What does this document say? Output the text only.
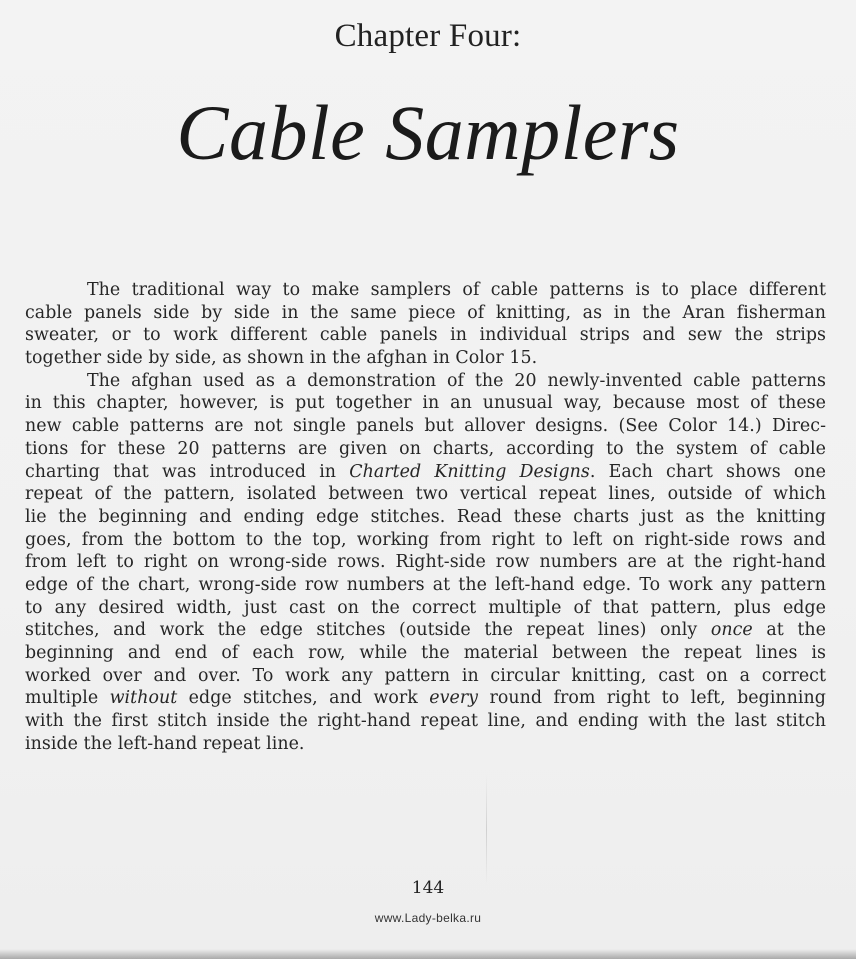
Chapter Four:
Cable Samplers
The traditional way to make samplers of cable patterns is to place different
cable panels side by side in the same piece of knitting, as in the Aran fisherman
sweater, or to work different cable panels in individual strips and sew the strips
together side by side, as shown in the afghan in Color 15.
The afghan used as a demonstration of the 20 newly-invented cable patterns
in this chapter, however, is put together in an unusual way, because most of these
new cable patterns are not single panels but allover designs. (See Color 14.) Direc-
tions for these 20 patterns are given on charts, according to the system of cable
charting that was introduced in Charted Knitting Designs. Each chart shows one
repeat of the pattern, isolated between two vertical repeat lines, outside of which
lie the beginning and ending edge stitches. Read these charts just as the knitting
goes, from the bottom to the top, working from right to left on right-side rows and
from left to right on wrong-side rows. Right-side row numbers are at the right-hand
edge of the chart, wrong-side row numbers at the left-hand edge. To work any pattern
to any desired width, just cast on the correct multiple of that pattern, plus edge
stitches, and work the edge stitches (outside the repeat lines) only once at the
beginning and end of each row, while the material between the repeat lines is
worked over and over. To work any pattern in circular knitting, cast on a correct
multiple without edge stitches, and work every round from right to left, beginning
with the first stitch inside the right-hand repeat line, and ending with the last stitch
inside the left-hand repeat line.
144
www.Lady-belka.ru
